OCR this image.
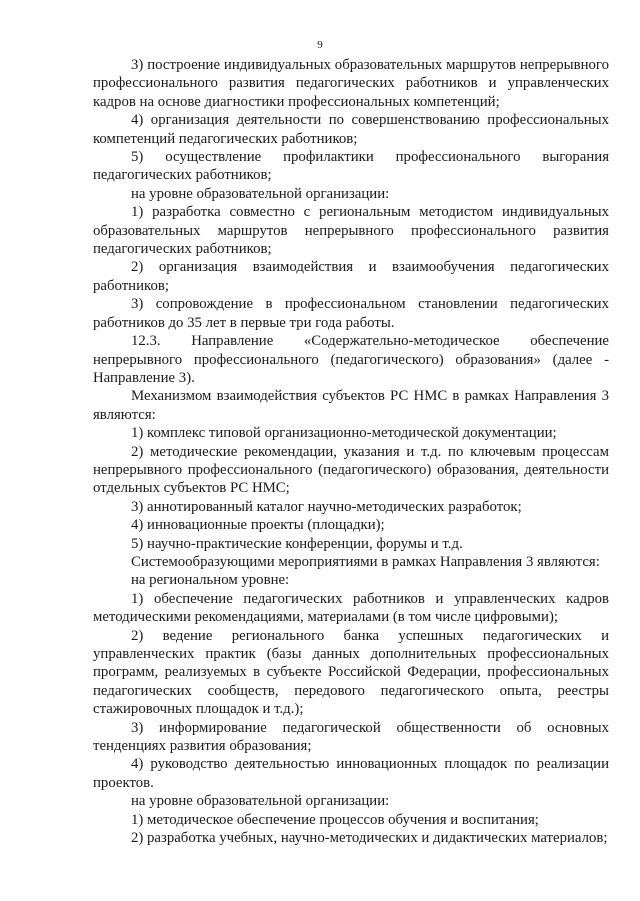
9

3) построение индивидуальных образовательных маршрутов непрерывного профессионального развития педагогических работников и управленческих кадров на основе диагностики профессиональных компетенций;

4) организация деятельности по совершенствованию профессиональных компетенций педагогических работников;

5) осуществление профилактики профессионального выгорания педагогических работников;

на уровне образовательной организации:

1) разработка совместно с региональным методистом индивидуальных образовательных маршрутов непрерывного профессионального развития педагогических работников;

2) организация взаимодействия и взаимообучения педагогических работников;

3) сопровождение в профессиональном становлении педагогических работников до 35 лет в первые три года работы.

12.3. Направление «Содержательно-методическое обеспечение непрерывного профессионального (педагогического) образования» (далее - Направление 3).

Механизмом взаимодействия субъектов РС НМС в рамках Направления 3 являются:

1) комплекс типовой организационно-методической документации;

2) методические рекомендации, указания и т.д. по ключевым процессам непрерывного профессионального (педагогического) образования, деятельности отдельных субъектов РС НМС;

3) аннотированный каталог научно-методических разработок;

4) инновационные проекты (площадки);

5) научно-практические конференции, форумы и т.д.

Системообразующими мероприятиями в рамках Направления 3 являются:

на региональном уровне:

1) обеспечение педагогических работников и управленческих кадров методическими рекомендациями, материалами (в том числе цифровыми);

2) ведение регионального банка успешных педагогических и управленческих практик (базы данных дополнительных профессиональных программ, реализуемых в субъекте Российской Федерации, профессиональных педагогических сообществ, передового педагогического опыта, реестры стажировочных площадок и т.д.);

3) информирование педагогической общественности об основных тенденциях развития образования;

4) руководство деятельностью инновационных площадок по реализации проектов.

на уровне образовательной организации:

1) методическое обеспечение процессов обучения и воспитания;

2) разработка учебных, научно-методических и дидактических материалов;
